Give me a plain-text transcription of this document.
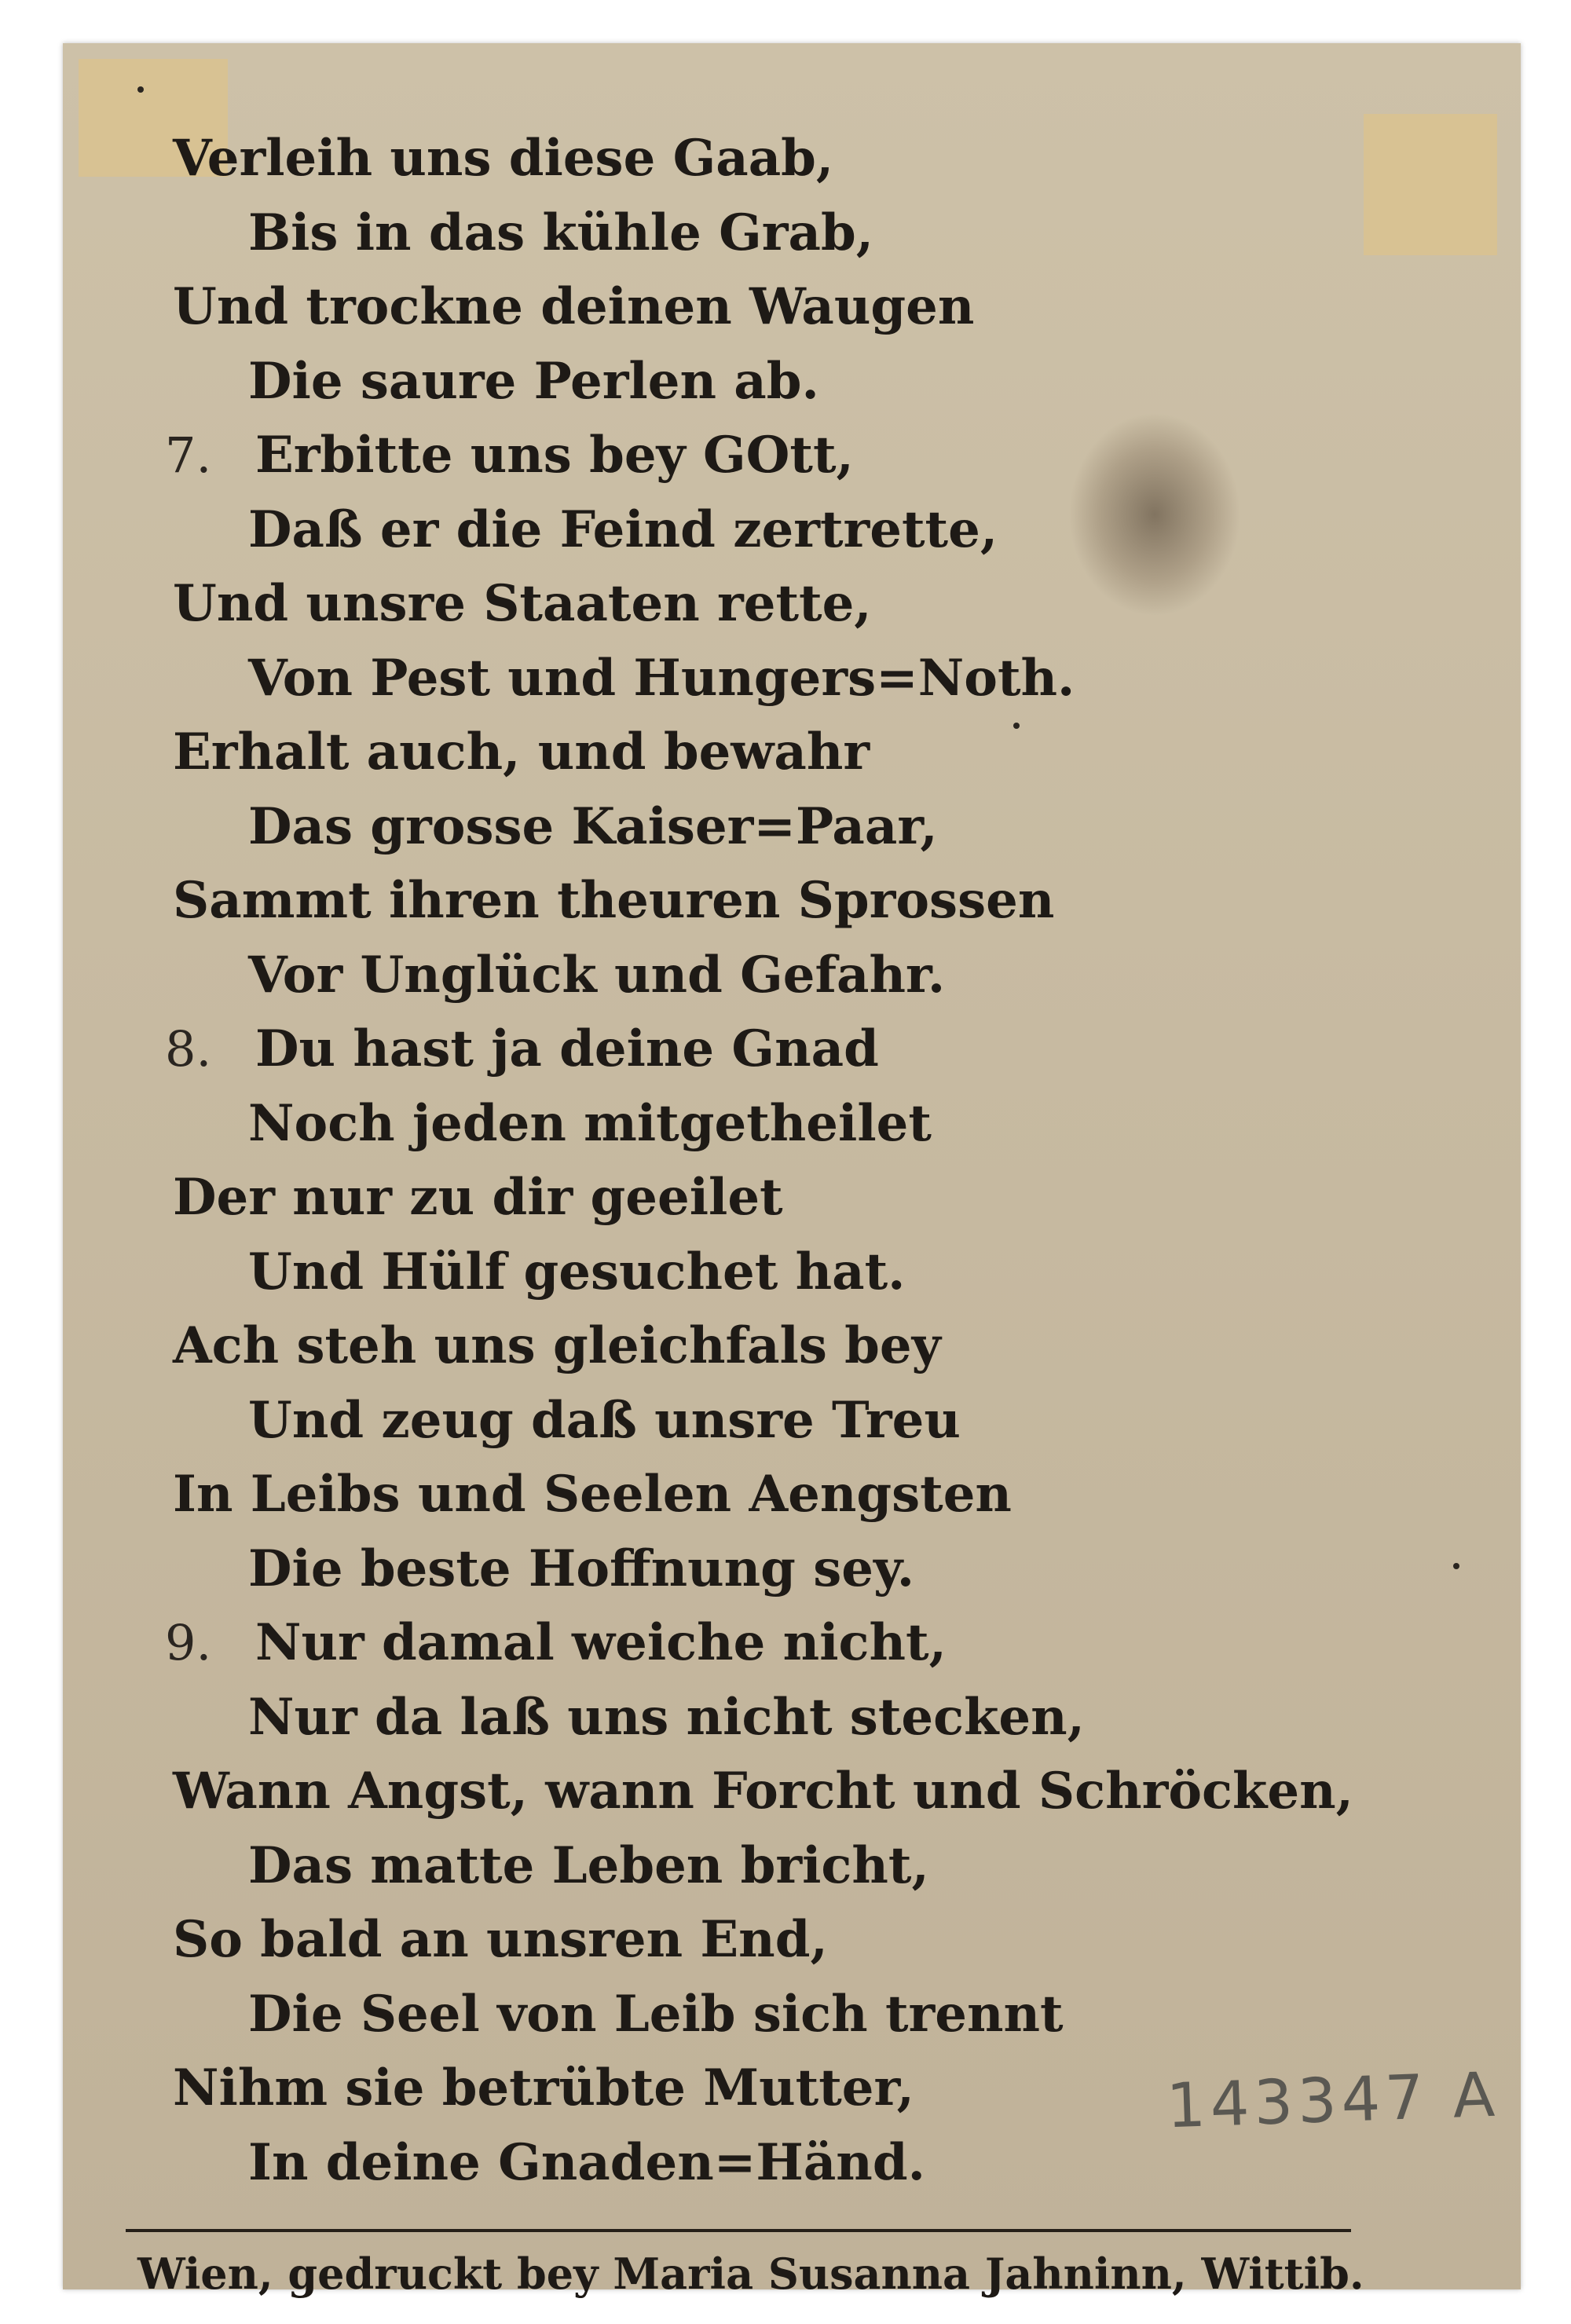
Verleih uns diese Gaab,
Bis in das kühle Grab,
Und trockne deinen Waugen
Die saure Perlen ab.
7. Erbitte uns bey GOtt,
Daß er die Feind zertrette,
Und unsre Staaten rette,
Von Pest und Hungers=Noth.
Erhalt auch, und bewahr
Das grosse Kaiser=Paar,
Sammt ihren theuren Sprossen
Vor Unglück und Gefahr.
8. Du hast ja deine Gnad
Noch jeden mitgetheilet
Der nur zu dir geeilet
Und Hülf gesuchet hat.
Ach steh uns gleichfals bey
Und zeug daß unsre Treu
In Leibs und Seelen Aengsten
Die beste Hoffnung sey.
9. Nur damal weiche nicht,
Nur da laß uns nicht stecken,
Wann Angst, wann Forcht und Schröcken,
Das matte Leben bricht,
So bald an unsren End,
Die Seel von Leib sich trennt
Nihm sie betrübte Mutter,
In deine Gnaden=Händ.
Wien, gedruckt bey Maria Susanna Jahninn, Wittib.
143347 A
